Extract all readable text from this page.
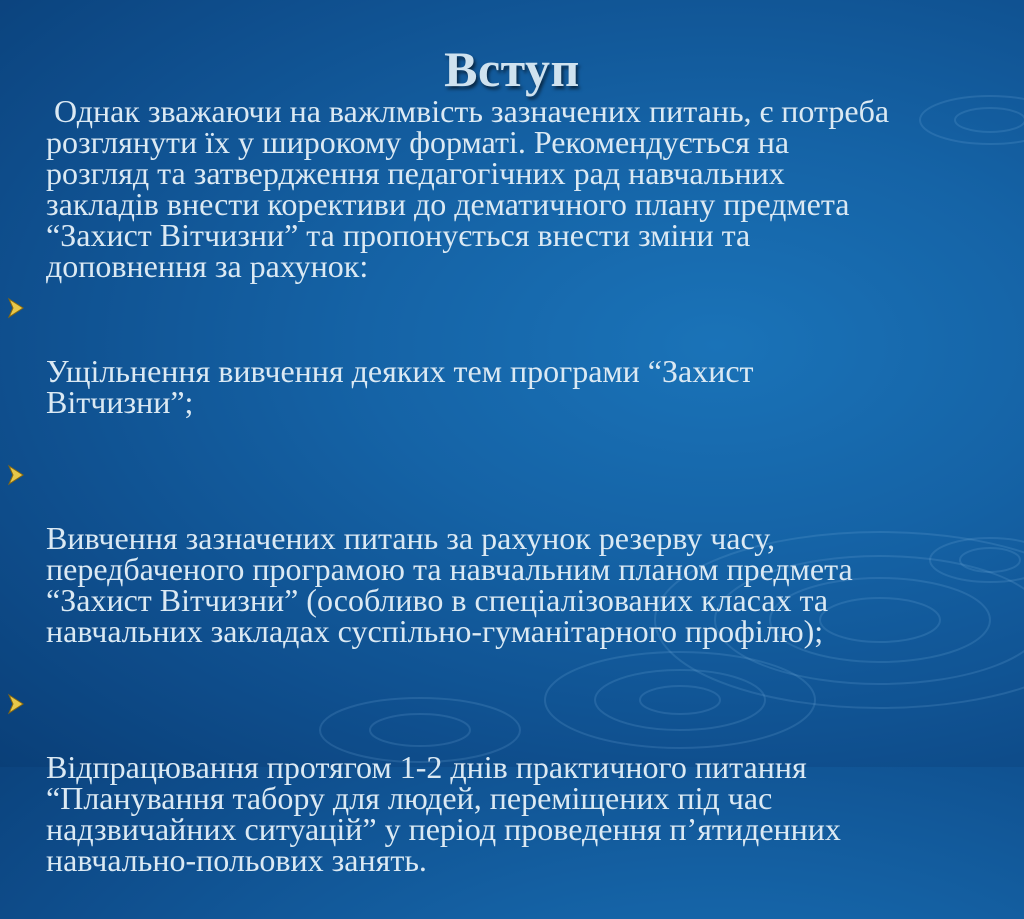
Вступ

Однак зважаючи на важлмвість зазначених питань, є потреба
розглянути їх у широкому форматі. Рекомендується на
розгляд та затвердження педагогічних рад навчальних
закладів внести корективи до дематичного плану предмета
“Захист Вітчизни” та пропонується внести зміни та
доповнення за рахунок:

Ущільнення вивчення деяких тем програми “Захист
Вітчизни”;

Вивчення зазначених питань за рахунок резерву часу,
передбаченого програмою та навчальним планом предмета
“Захист Вітчизни” (особливо в спеціалізованих класах та
навчальних закладах суспільно-гуманітарного профілю);

Відпрацювання протягом 1-2 днів практичного питання
“Планування табору для людей, переміщених під час
надзвичайних ситуацій” у період проведення п’ятиденних
навчально-польових занять.
